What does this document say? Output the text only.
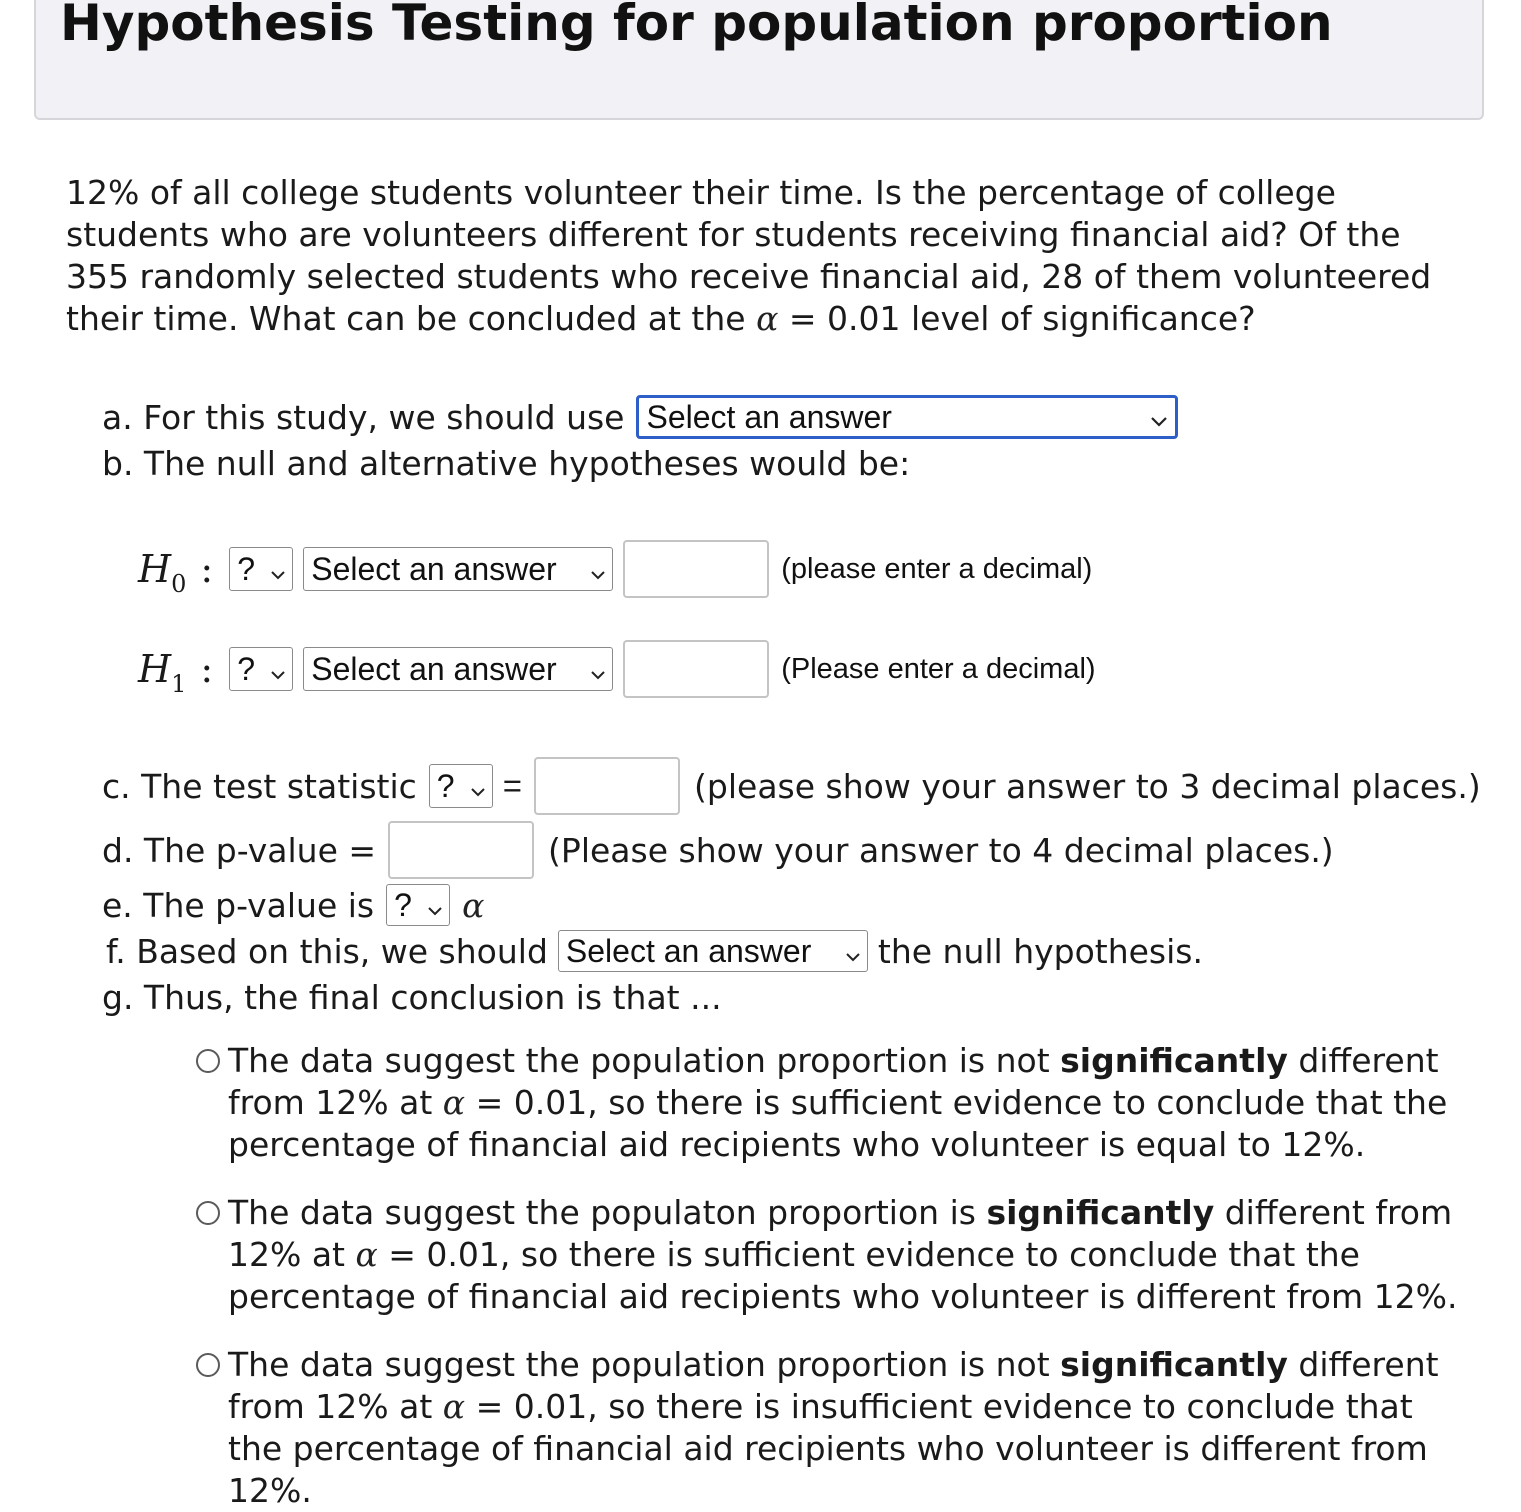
Hypothesis Testing for population proportion

12% of all college students volunteer their time. Is the percentage of college students who are volunteers different for students receiving financial aid? Of the 355 randomly selected students who receive financial aid, 28 of them volunteered their time. What can be concluded at the α = 0.01 level of significance?

a. For this study, we should use Select an answer
b. The null and alternative hypotheses would be:
$H_0$ : ? Select an answer	(please enter a decimal)
$H_1$ : ? Select an answer	(Please enter a decimal)
c. The test statistic ? =	(please show your answer to 3 decimal places.)
d. The p-value =	(Please show your answer to 4 decimal places.)
e. The p-value is ? α
f. Based on this, we should Select an answer the null hypothesis.
g. Thus, the final conclusion is that ...
The data suggest the population proportion is not significantly different from 12% at α = 0.01, so there is sufficient evidence to conclude that the percentage of financial aid recipients who volunteer is equal to 12%.
The data suggest the populaton proportion is significantly different from 12% at α = 0.01, so there is sufficient evidence to conclude that the percentage of financial aid recipients who volunteer is different from 12%.
The data suggest the population proportion is not significantly different from 12% at α = 0.01, so there is insufficient evidence to conclude that the percentage of financial aid recipients who volunteer is different from 12%.
